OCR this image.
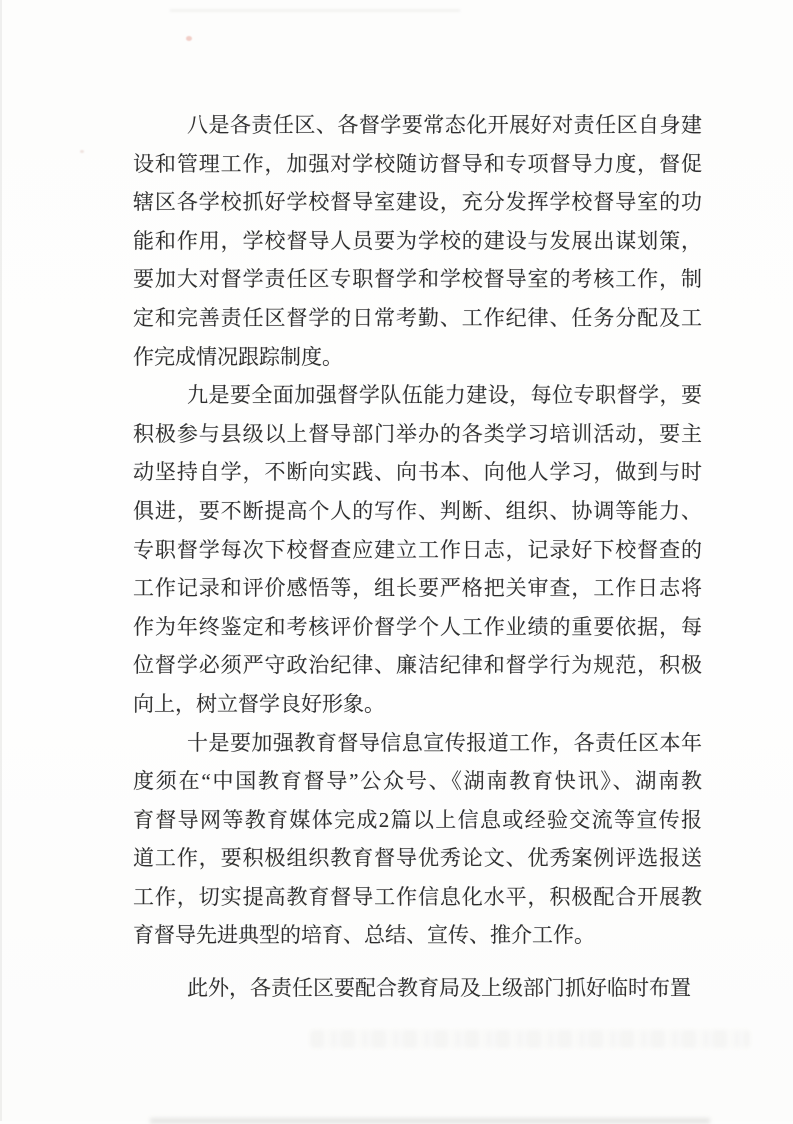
八是各责任区、各督学要常态化开展好对责任区自身建
设和管理工作，加强对学校随访督导和专项督导力度，督促
辖区各学校抓好学校督导室建设，充分发挥学校督导室的功
能和作用，学校督导人员要为学校的建设与发展出谋划策，
要加大对督学责任区专职督学和学校督导室的考核工作，制
定和完善责任区督学的日常考勤、工作纪律、任务分配及工
作完成情况跟踪制度。
九是要全面加强督学队伍能力建设，每位专职督学，要
积极参与县级以上督导部门举办的各类学习培训活动，要主
动坚持自学，不断向实践、向书本、向他人学习，做到与时
俱进，要不断提高个人的写作、判断、组织、协调等能力、
专职督学每次下校督查应建立工作日志，记录好下校督查的
工作记录和评价感悟等，组长要严格把关审查，工作日志将
作为年终鉴定和考核评价督学个人工作业绩的重要依据，每
位督学必须严守政治纪律、廉洁纪律和督学行为规范，积极
向上，树立督学良好形象。
十是要加强教育督导信息宣传报道工作，各责任区本年
度须在“中国教育督导”公众号、《湖南教育快讯》、湖南教
育督导网等教育媒体完成2篇以上信息或经验交流等宣传报
道工作，要积极组织教育督导优秀论文、优秀案例评选报送
工作，切实提高教育督导工作信息化水平，积极配合开展教
育督导先进典型的培育、总结、宣传、推介工作。
此外，各责任区要配合教育局及上级部门抓好临时布置
